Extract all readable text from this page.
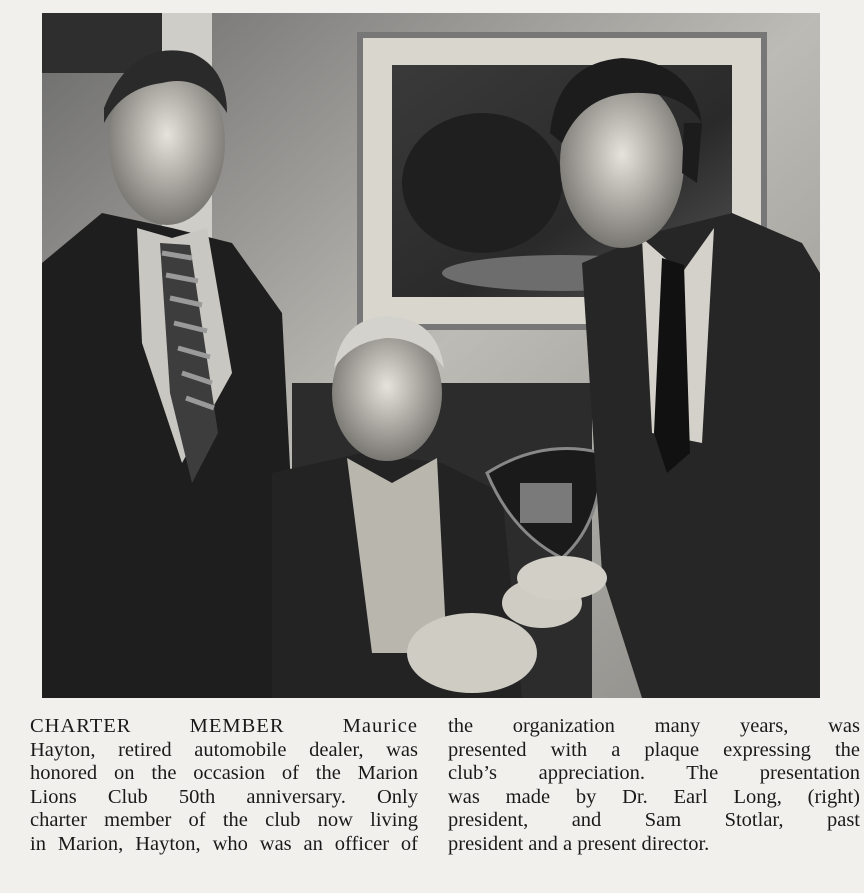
CHARTER MEMBER Maurice
Hayton, retired automobile dealer, was
honored on the occasion of the Marion
Lions Club 50th anniversary. Only
charter member of the club now living
in Marion, Hayton, who was an officer of
the organization many years, was
presented with a plaque expressing the
club’s appreciation. The presentation
was made by Dr. Earl Long, (right)
president, and Sam Stotlar, past
president and a present director.
